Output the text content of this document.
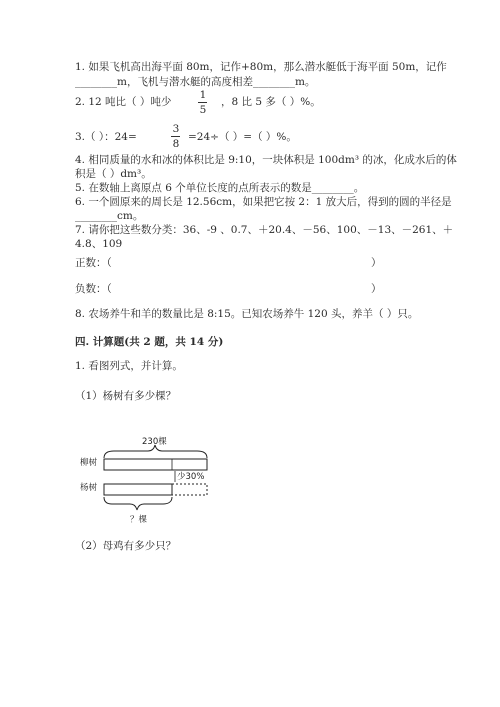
1. 如果飞机高出海平面 80m，记作+80m，那么潜水艇低于海平面 50m，记作
________m，飞机与潜水艇的高度相差________m。
2. 12 吨比（ ）吨少
1
5
，8 比 5 多（ ）%。
3.（ ）：24=
3
8
=24÷（ ）=（ ）%。
4. 相同质量的水和冰的体积比是 9:10，一块体积是 100dm³ 的冰，化成水后的体
积是（ ）dm³。
5. 在数轴上离原点 6 个单位长度的点所表示的数是________。
6. 一个圆原来的周长是 12.56cm，如果把它按 2：1 放大后，得到的圆的半径是
________cm。
7. 请你把这些数分类：36、-9 、0.7、＋20.4、－56、100、－13、－261、＋
4.8、109
正数：（	）
负数：（	）
8. 农场养牛和羊的数量比是 8:15。已知农场养牛 120 头，养羊（ ）只。
四. 计算题(共 2 题，共 14 分)
1. 看图列式，并计算。
（1）杨树有多少棵？
230棵
柳树
杨树
少30%
？棵
（2）母鸡有多少只？
